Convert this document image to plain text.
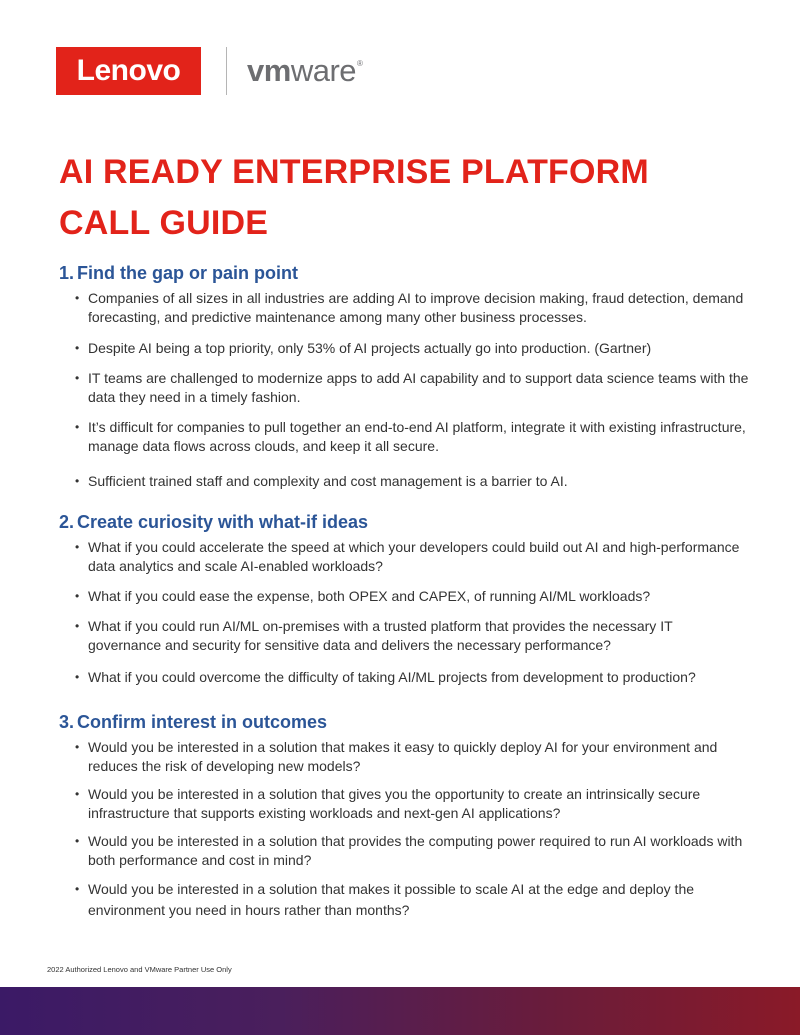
Lenovo	vm ware ®
AI READY ENTERPRISE PLATFORM
CALL GUIDE
1. Find the gap or pain point
• Companies of all sizes in all industries are adding AI to improve decision making, fraud detection, demand forecasting, and predictive maintenance among many other business processes.
• Despite AI being a top priority, only 53% of AI projects actually go into production. (Gartner)
• IT teams are challenged to modernize apps to add AI capability and to support data science teams with the data they need in a timely fashion.
• It’s difficult for companies to pull together an end-to-end AI platform, integrate it with existing infrastructure, manage data flows across clouds, and keep it all secure.
• Sufficient trained staff and complexity and cost management is a barrier to AI.
2. Create curiosity with what-if ideas
• What if you could accelerate the speed at which your developers could build out AI and high-performance data analytics and scale AI-enabled workloads?
• What if you could ease the expense, both OPEX and CAPEX, of running AI/ML workloads?
• What if you could run AI/ML on-premises with a trusted platform that provides the necessary IT governance and security for sensitive data and delivers the necessary performance?
• What if you could overcome the difficulty of taking AI/ML projects from development to production?
3. Confirm interest in outcomes
• Would you be interested in a solution that makes it easy to quickly deploy AI for your environment and reduces the risk of developing new models?
• Would you be interested in a solution that gives you the opportunity to create an intrinsically secure infrastructure that supports existing workloads and next-gen AI applications?
• Would you be interested in a solution that provides the computing power required to run AI workloads with both performance and cost in mind?
• Would you be interested in a solution that makes it possible to scale AI at the edge and deploy the environment you need in hours rather than months?
2022 Authorized Lenovo and VMware Partner Use Only
